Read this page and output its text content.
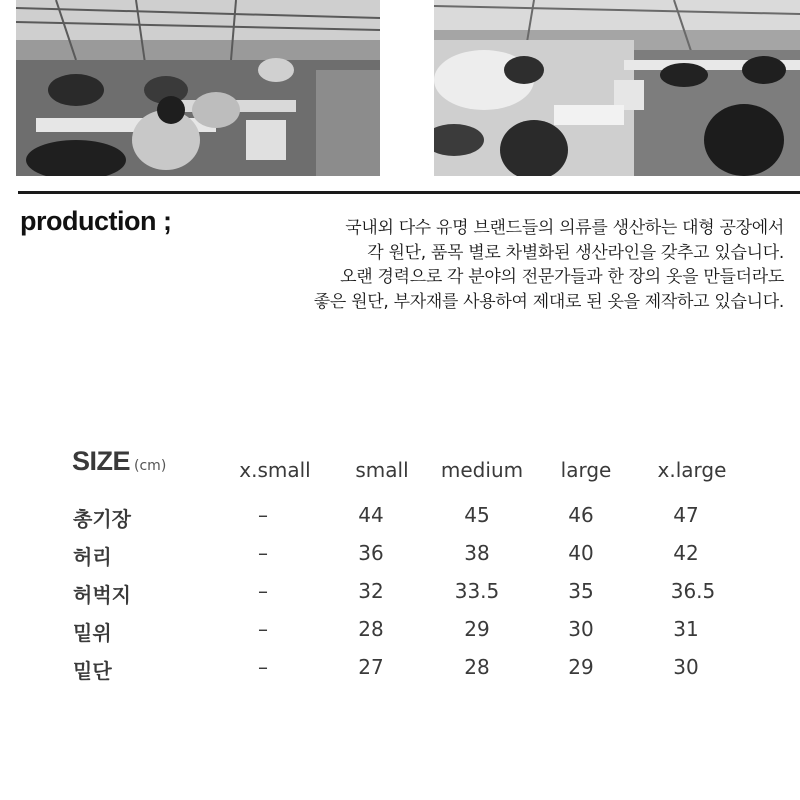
production ;	국내외 다수 유명 브랜드들의 의류를 생산하는 대형 공장에서
각 원단, 품목 별로 차별화된 생산라인을 갖추고 있습니다.
오랜 경력으로 각 분야의 전문가들과 한 장의 옷을 만들더라도
좋은 원단, 부자재를 사용하여 제대로 된 옷을 제작하고 있습니다.
SIZE (cm)	x.small small medium large x.large
총기장	–	44	45	46	47
허리	–	36	38	40	42
허벅지	–	32	33.5	35	36.5
밑위	–	28	29	30	31
밑단	–	27	28	29	30
